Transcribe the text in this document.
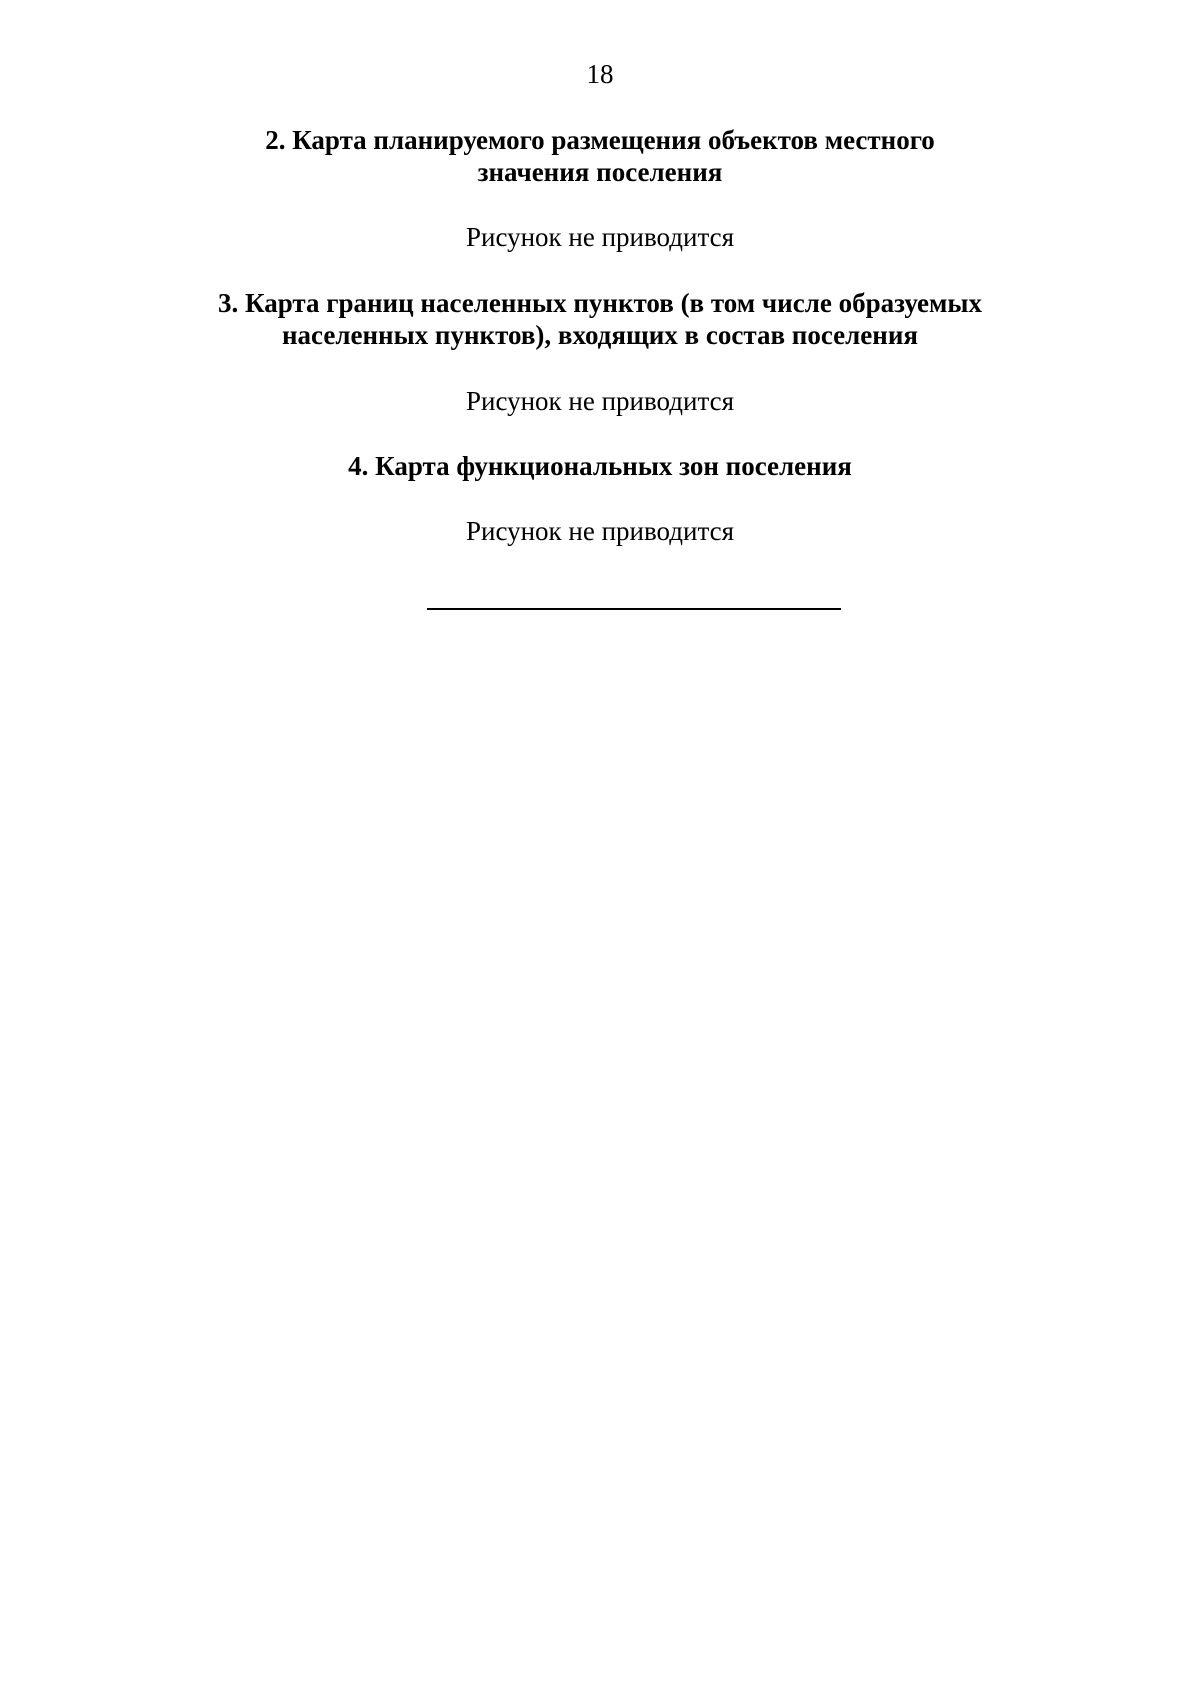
18
2. Карта планируемого размещения объектов местного
значения поселения
Рисунок не приводится
3. Карта границ населенных пунктов (в том числе образуемых
населенных пунктов), входящих в состав поселения
Рисунок не приводится
4. Карта функциональных зон поселения
Рисунок не приводится
